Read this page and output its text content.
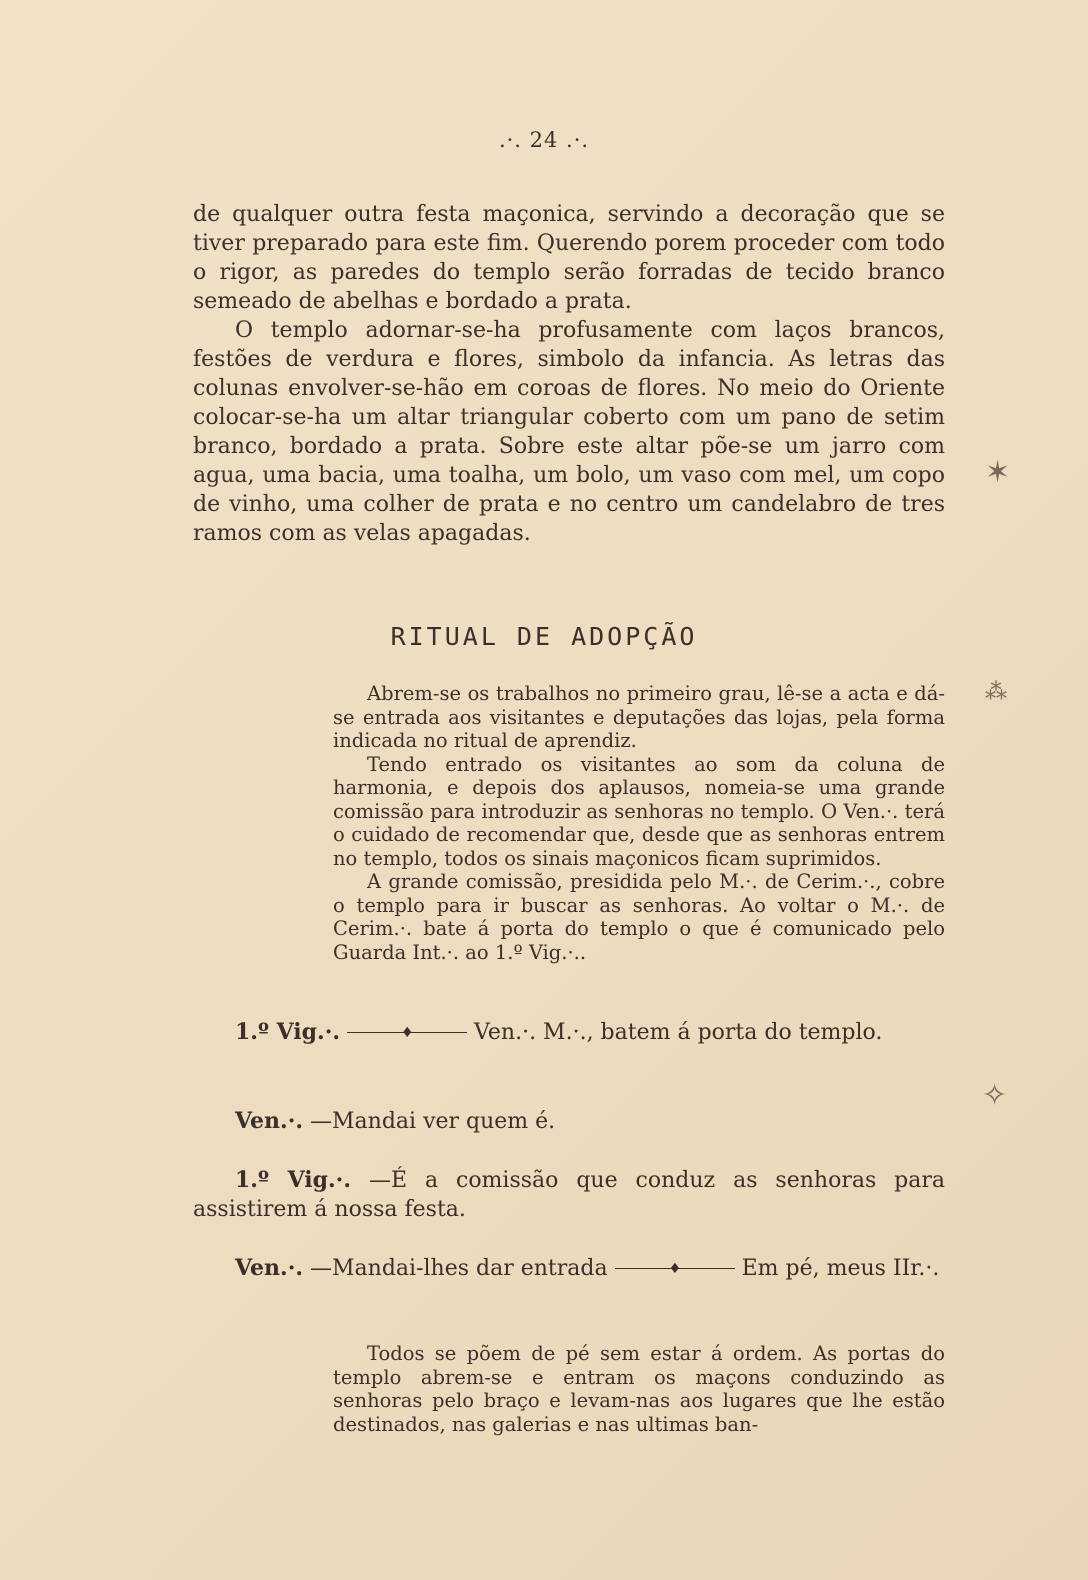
.·. 24 .·.

de qualquer outra festa maçonica, servindo a decoração que se tiver preparado para este fim. Querendo porem proceder com todo o rigor, as paredes do templo serão forradas de tecido branco semeado de abelhas e bordado a prata.

O templo adornar-se-ha profusamente com laços brancos, festões de verdura e flores, simbolo da infancia. As letras das colunas envolver-se-hão em coroas de flores. No meio do Oriente colocar-se-ha um altar triangular coberto com um pano de setim branco, bordado a prata. Sobre este altar põe-se um jarro com agua, uma bacia, uma toalha, um bolo, um vaso com mel, um copo de vinho, uma colher de prata e no centro um candelabro de tres ramos com as velas apagadas.

RITUAL DE ADOPÇÃO

Abrem-se os trabalhos no primeiro grau, lê-se a acta e dá-se entrada aos visitantes e deputações das lojas, pela forma indicada no ritual de aprendiz.

Tendo entrado os visitantes ao som da coluna de harmonia, e depois dos aplausos, nomeia-se uma grande comissão para introduzir as senhoras no templo. O Ven.·. terá o cuidado de recomendar que, desde que as senhoras entrem no templo, todos os sinais maçonicos ficam suprimidos.

A grande comissão, presidida pelo M.·. de Cerim.·., cobre o templo para ir buscar as senhoras. Ao voltar o M.·. de Cerim.·. bate á porta do templo o que é comunicado pelo Guarda Int.·. ao 1.º Vig.·..

1.º Vig.·. ♦	Ven.·. M.·., batem á porta do templo.
Ven.·. —Mandai ver quem é.
1.º Vig.·. —É a comissão que conduz as senhoras para assistirem á nossa festa.
Ven.·. —Mandai-lhes dar entrada ♦	Em pé, meus IIr.·.

Todos se põem de pé sem estar á ordem. As portas do templo abrem-se e entram os maçons conduzindo as senhoras pelo braço e levam-nas aos lugares que lhe estão destinados, nas galerias e nas ultimas ban-

✶
⁂
✧
